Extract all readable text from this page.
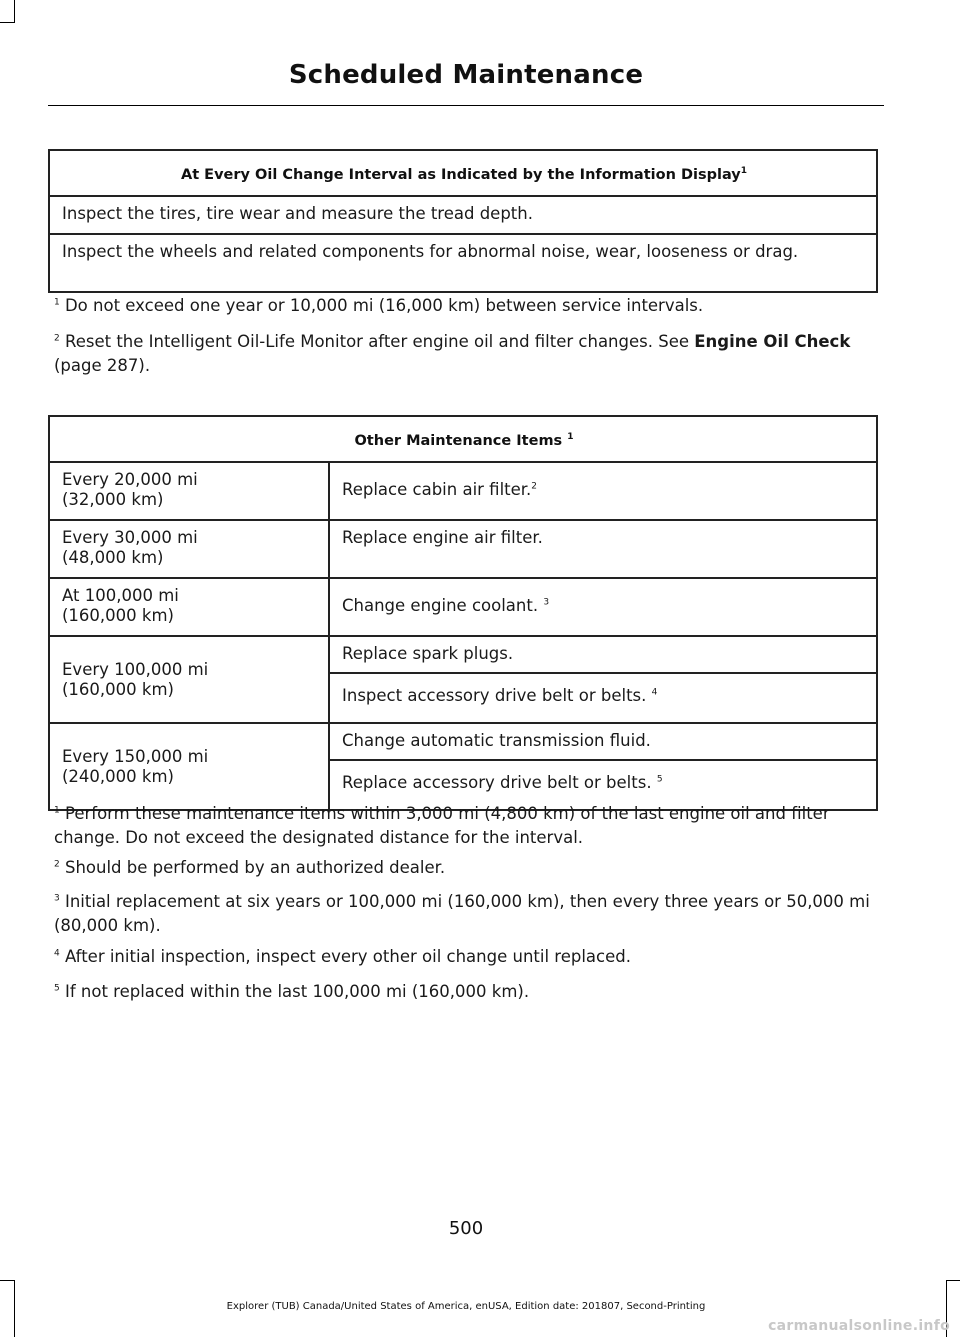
Scheduled Maintenance
At Every Oil Change Interval as Indicated by the Information Display$^1$
Inspect the tires, tire wear and measure the tread depth.
Inspect the wheels and related components for abnormal noise, wear, looseness or drag.
$^1$ Do not exceed one year or 10,000 mi (16,000 km) between service intervals.
$^2$ Reset the Intelligent Oil-Life Monitor after engine oil and filter changes. See Engine Oil Check (page 287).
Other Maintenance Items $^1$
Every 20,000 mi
(32,000 km)	Replace cabin air filter.$^2$
Every 30,000 mi
(48,000 km)	Replace engine air filter.
At 100,000 mi
(160,000 km)	Change engine coolant. $^3$
Every 100,000 mi
(160,000 km)	Replace spark plugs.
	Inspect accessory drive belt or belts. $^4$
Every 150,000 mi
(240,000 km)	Change automatic transmission fluid.
	Replace accessory drive belt or belts. $^5$
$^1$ Perform these maintenance items within 3,000 mi (4,800 km) of the last engine oil and filter change. Do not exceed the designated distance for the interval.
$^2$ Should be performed by an authorized dealer.
$^3$ Initial replacement at six years or 100,000 mi (160,000 km), then every three years or 50,000 mi (80,000 km).
$^4$ After initial inspection, inspect every other oil change until replaced.
$^5$ If not replaced within the last 100,000 mi (160,000 km).
500
Explorer (TUB) Canada/United States of America, enUSA, Edition date: 201807, Second-Printing
carmanualsonline.info
